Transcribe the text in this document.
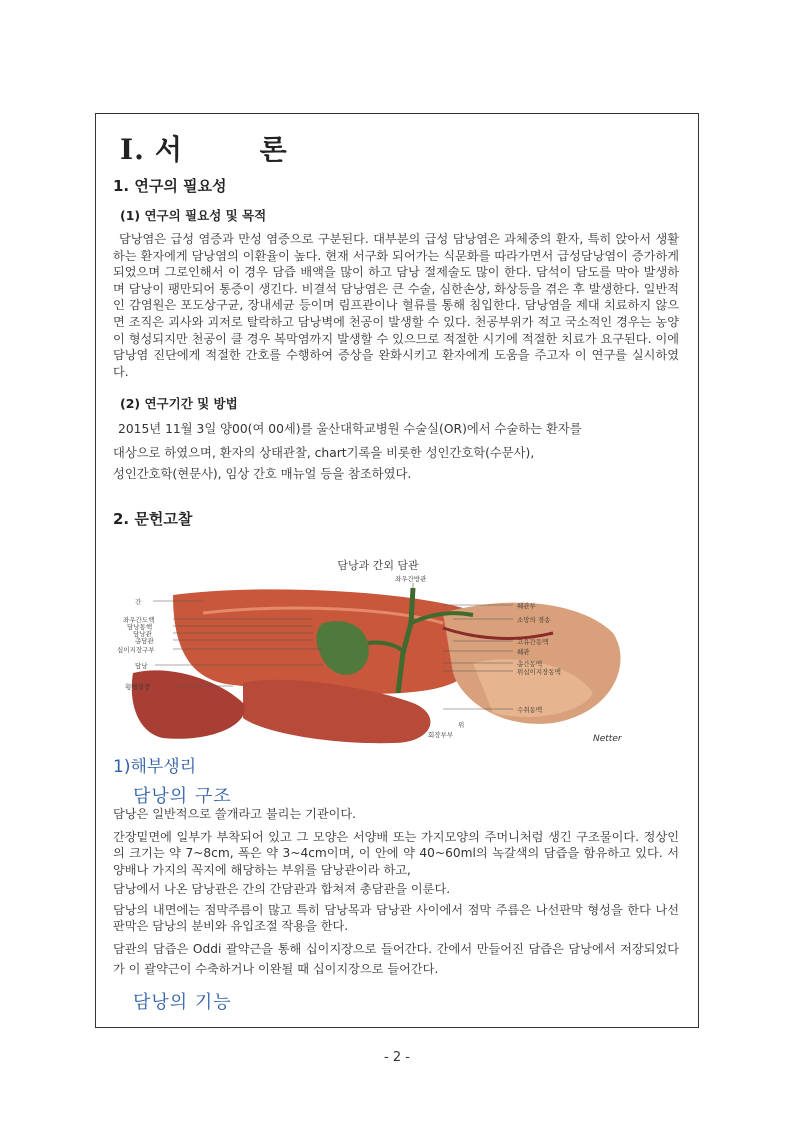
Ⅰ. 서 론
1. 연구의 필요성
(1) 연구의 필요성 및 목적
담낭염은 급성 염증과 만성 염증으로 구분된다. 대부분의 급성 담낭염은 과체중의 환자, 특히 앉아서 생활하는 환자에게 담낭염의 이환율이 높다. 현재 서구화 되어가는 식문화를 따라가면서 급성담낭염이 증가하게 되었으며 그로인해서 이 경우 담즙 배액을 많이 하고 담낭 절제술도 많이 한다. 담석이 담도를 막아 발생하며 담낭이 팽만되어 통증이 생긴다. 비결석 담낭염은 큰 수술, 심한손상, 화상등을 겪은 후 발생한다. 일반적인 감염원은 포도상구균, 장내세균 등이며 림프관이나 혈류를 통해 침입한다. 담낭염을 제대 치료하지 않으면 조직은 괴사와 괴저로 탈락하고 담낭벽에 천공이 발생할 수 있다. 천공부위가 적고 국소적인 경우는 농양이 형성되지만 천공이 클 경우 복막염까지 발생할 수 있으므로 적절한 시기에 적절한 치료가 요구된다. 이에 담낭염 진단에게 적절한 간호를 수행하여 증상을 완화시키고 환자에게 도움을 주고자 이 연구를 실시하였다.
(2) 연구기간 및 방법
2015년 11월 3일 양00(여 00세)를 울산대학교병원 수술실(OR)에서 수술하는 환자를
대상으로 하였으며, 환자의 상태관찰, chart기록을 비롯한 성인간호학(수문사),
성인간호학(현문사), 임상 간호 매뉴얼 등을 참조하였다.
2. 문헌고찰
담낭과 간외 담관
간
좌우간도핵
담낭통핵
담낭관
총담관
십이지장구부
담낭
횡행결장
좌우간방관
췌관부
소망의 경송
고유간동맥
췌관
총간동맥
위십이지장동맥
수취동맥
위
회장부부	Netter
1)해부생리
담낭의 구조
담낭은 일반적으로 쓸개라고 불리는 기관이다.
간장밑면에 일부가 부착되어 있고 그 모양은 서양배 또는 가지모양의 주머니처럼 생긴 구조물이다. 정상인의 크기는 약 7~8cm, 폭은 약 3~4cm이며, 이 안에 약 40~60ml의 녹갈색의 담즙을 함유하고 있다. 서양배나 가지의 꼭지에 해당하는 부위를 담낭관이라 하고,
담낭에서 나온 담낭관은 간의 간담관과 합쳐져 총담관을 이룬다.
담낭의 내면에는 점막주름이 많고 특히 담낭목과 담낭관 사이에서 점막 주름은 나선판막 형성을 한다 나선판막은 담낭의 분비와 유입조절 작용을 한다.
담관의 담즙은 Oddi 괄약근을 통해 십이지장으로 들어간다. 간에서 만들어진 담즙은 담낭에서 저장되었다가 이 괄약근이 수축하거나 이완될 때 십이지장으로 들어간다.
담낭의 기능
- 2 -
